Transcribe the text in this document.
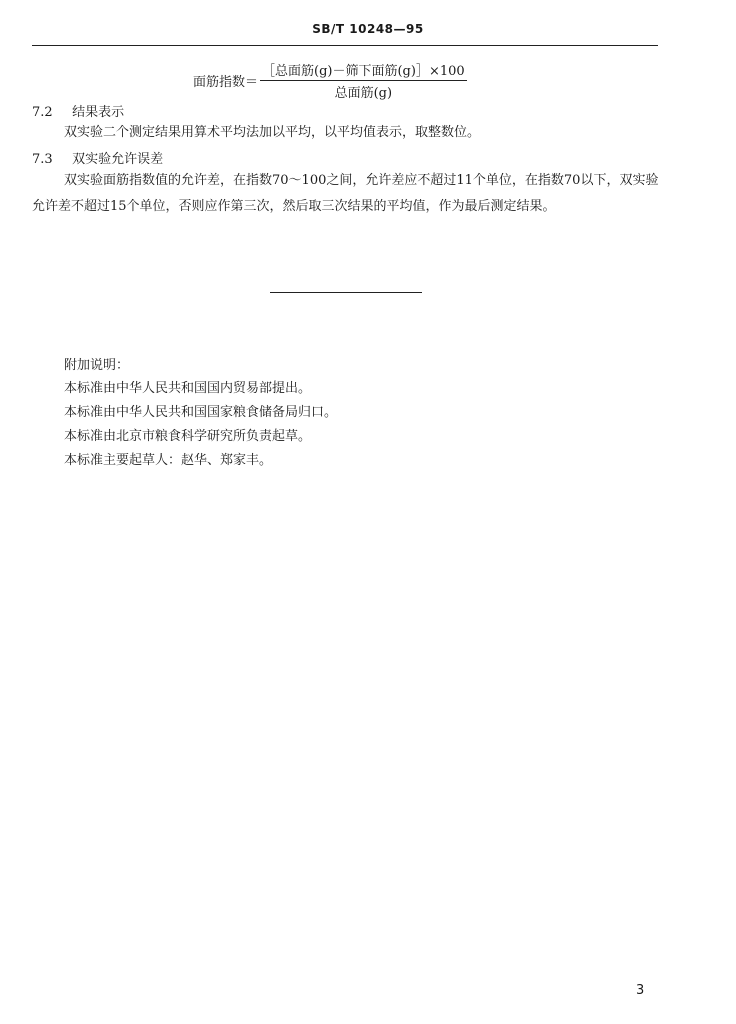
SB/T 10248—95
面筋指数＝ $\frac{\text{［总面筋(g)－筛下面筋(g)］×100}}{\text{总面筋(g)}}$
7.2 结果表示
双实验二个测定结果用算术平均法加以平均，以平均值表示，取整数位。
7.3 双实验允许误差
双实验面筋指数值的允许差，在指数70～100之间，允许差应不超过11个单位，在指数70以下，双实验允许差不超过15个单位，否则应作第三次，然后取三次结果的平均值，作为最后测定结果。
附加说明：
本标准由中华人民共和国国内贸易部提出。
本标准由中华人民共和国国家粮食储备局归口。
本标准由北京市粮食科学研究所负责起草。
本标准主要起草人：赵华、郑家丰。
3
